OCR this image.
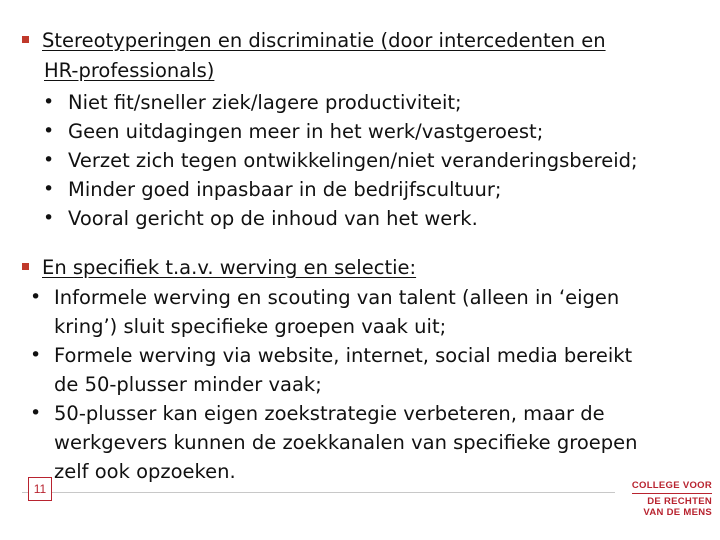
Stereotyperingen en discriminatie (door intercedenten en
HR-professionals)
• Niet fit/sneller ziek/lagere productiviteit;
• Geen uitdagingen meer in het werk/vastgeroest;
• Verzet zich tegen ontwikkelingen/niet veranderingsbereid;
• Minder goed inpasbaar in de bedrijfscultuur;
• Vooral gericht op de inhoud van het werk.
En specifiek t.a.v. werving en selectie:
• Informele werving en scouting van talent (alleen in ‘eigen
kring’) sluit specifieke groepen vaak uit;
• Formele werving via website, internet, social media bereikt
de 50-plusser minder vaak;
• 50-plusser kan eigen zoekstrategie verbeteren, maar de
werkgevers kunnen de zoekkanalen van specifieke groepen
zelf ook opzoeken.
11	COLLEGE VOOR
DE RECHTEN
VAN DE MENS
